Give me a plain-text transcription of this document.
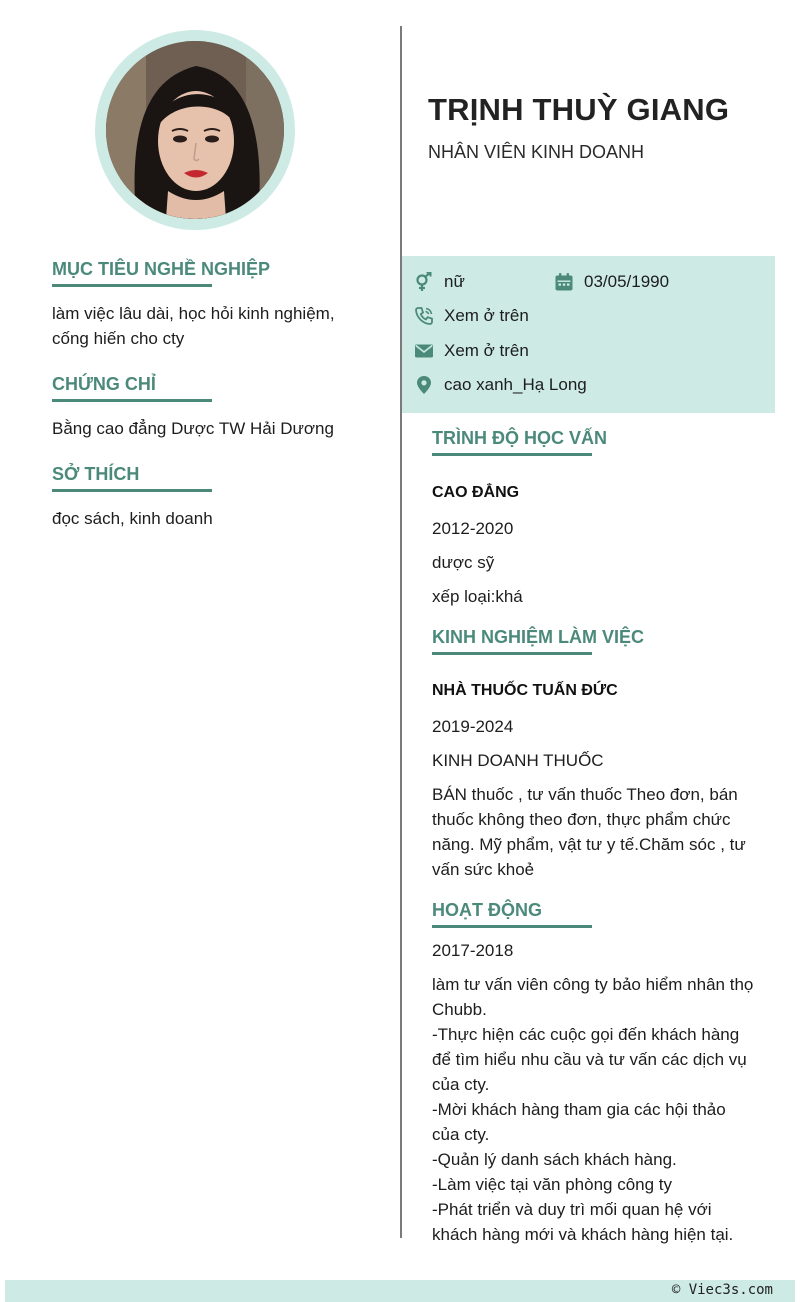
MỤC TIÊU NGHỀ NGHIỆP
làm việc lâu dài, học hỏi kinh nghiệm,
cống hiến cho cty
CHỨNG CHỈ
Bằng cao đẳng Dược TW Hải Dương
SỞ THÍCH
đọc sách, kinh doanh
TRỊNH THUỲ GIANG
NHÂN VIÊN KINH DOANH
nữ	03/05/1990
Xem ở trên
Xem ở trên
cao xanh_Hạ Long
TRÌNH ĐỘ HỌC VẤN
CAO ĐẲNG
2012-2020
dược sỹ
xếp loại:khá
KINH NGHIỆM LÀM VIỆC
NHÀ THUỐC TUẤN ĐỨC
2019-2024
KINH DOANH THUỐC
BÁN thuốc , tư vấn thuốc Theo đơn, bán
thuốc không theo đơn, thực phẩm chức
năng. Mỹ phẩm, vật tư y tế.Chăm sóc , tư
vấn sức khoẻ
HOẠT ĐỘNG
2017-2018
làm tư vấn viên công ty bảo hiểm nhân thọ
Chubb.
-Thực hiện các cuộc gọi đến khách hàng
để tìm hiểu nhu cầu và tư vấn các dịch vụ
của cty.
-Mời khách hàng tham gia các hội thảo
của cty.
-Quản lý danh sách khách hàng.
-Làm việc tại văn phòng công ty
-Phát triển và duy trì mối quan hệ với
khách hàng mới và khách hàng hiện tại.
© Viec3s.com
